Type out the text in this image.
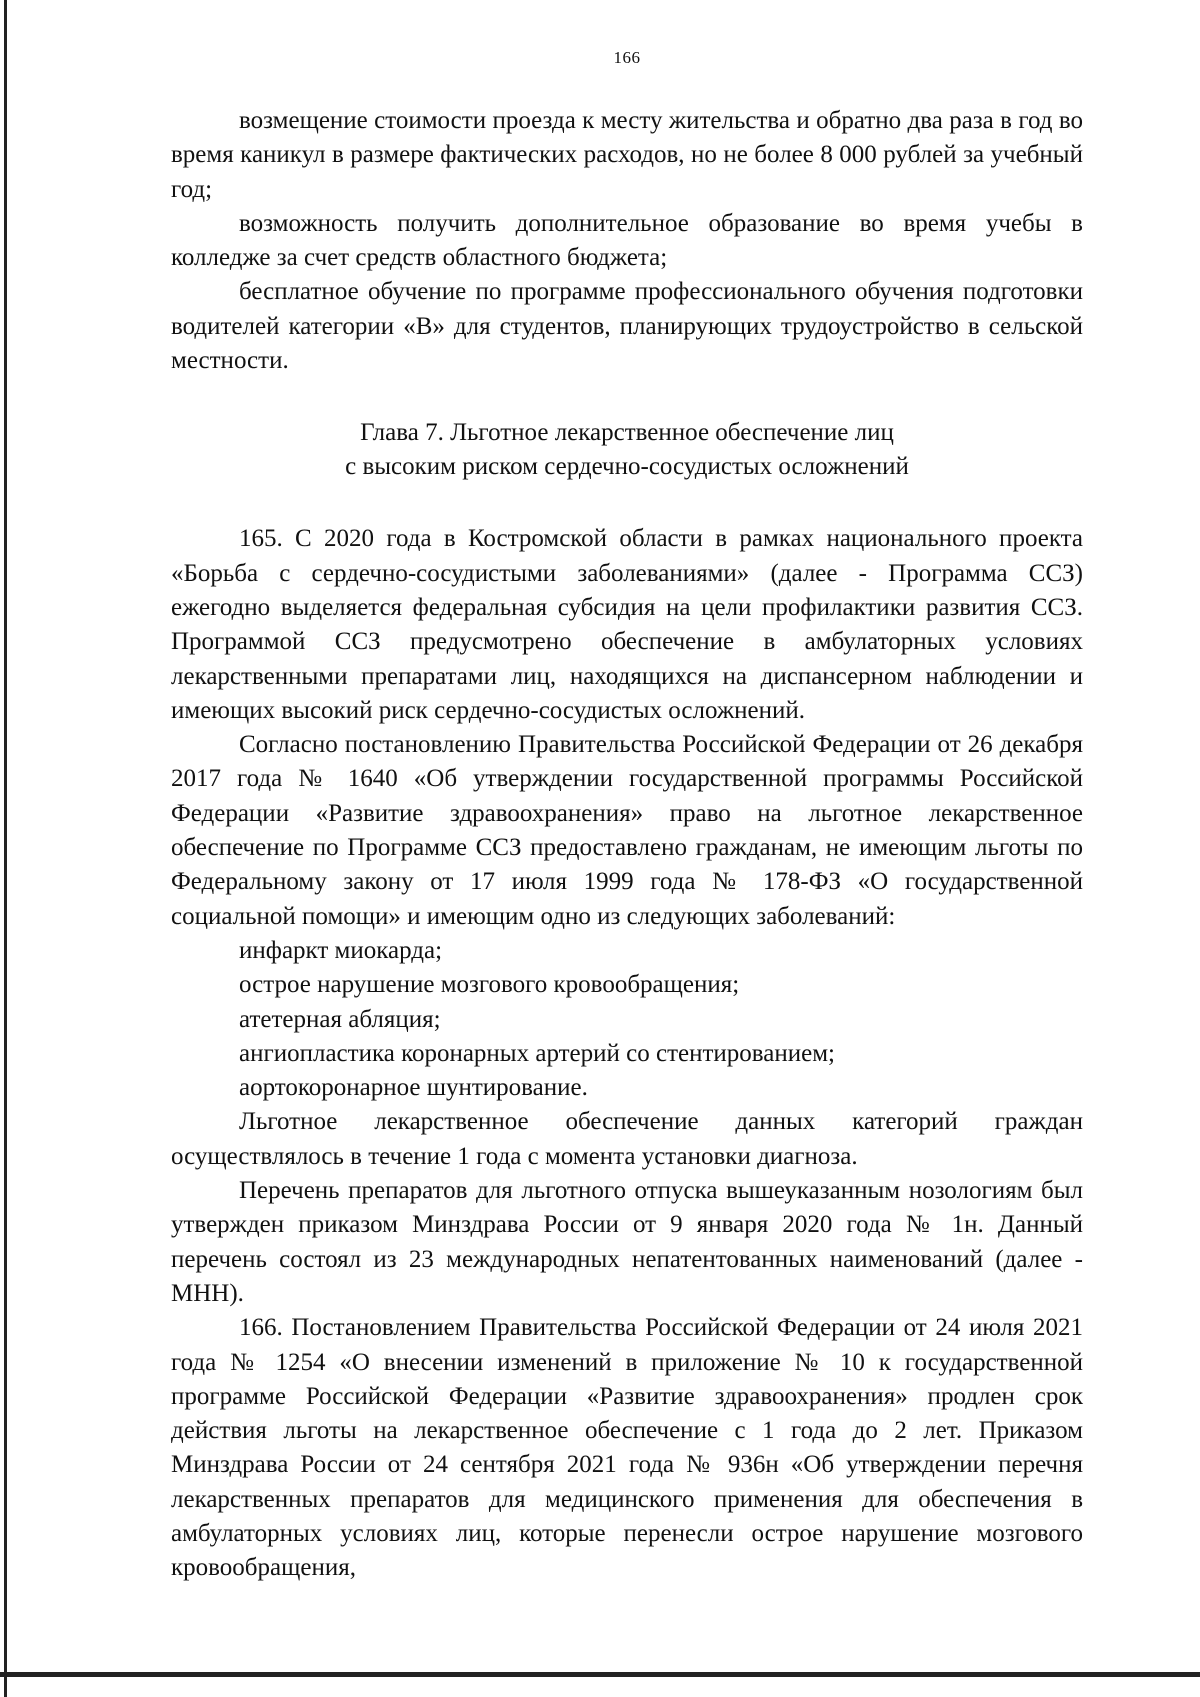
166

возмещение стоимости проезда к месту жительства и обратно два раза в год во время каникул в размере фактических расходов, но не более 8 000 рублей за учебный год;

возможность получить дополнительное образование во время учебы в колледже за счет средств областного бюджета;

бесплатное обучение по программе профессионального обучения подготовки водителей категории «В» для студентов, планирующих трудоустройство в сельской местности.

Глава 7. Льготное лекарственное обеспечение лиц
с высоким риском сердечно-сосудистых осложнений

165. С 2020 года в Костромской области в рамках национального проекта «Борьба с сердечно-сосудистыми заболеваниями» (далее - Программа ССЗ) ежегодно выделяется федеральная субсидия на цели профилактики развития ССЗ. Программой ССЗ предусмотрено обеспечение в амбулаторных условиях лекарственными препаратами лиц, находящихся на диспансерном наблюдении и имеющих высокий риск сердечно-сосудистых осложнений.

Согласно постановлению Правительства Российской Федерации от 26 декабря 2017 года № 1640 «Об утверждении государственной программы Российской Федерации «Развитие здравоохранения» право на льготное лекарственное обеспечение по Программе ССЗ предоставлено гражданам, не имеющим льготы по Федеральному закону от 17 июля 1999 года № 178-ФЗ «О государственной социальной помощи» и имеющим одно из следующих заболеваний:

инфаркт миокарда;

острое нарушение мозгового кровообращения;

атетерная абляция;

ангиопластика коронарных артерий со стентированием;

аортокоронарное шунтирование.

Льготное лекарственное обеспечение данных категорий граждан осуществлялось в течение 1 года с момента установки диагноза.

Перечень препаратов для льготного отпуска вышеуказанным нозологиям был утвержден приказом Минздрава России от 9 января 2020 года № 1н. Данный перечень состоял из 23 международных непатентованных наименований (далее - МНН).

166. Постановлением Правительства Российской Федерации от 24 июля 2021 года № 1254 «О внесении изменений в приложение № 10 к государственной программе Российской Федерации «Развитие здравоохранения» продлен срок действия льготы на лекарственное обеспечение с 1 года до 2 лет. Приказом Минздрава России от 24 сентября 2021 года № 936н «Об утверждении перечня лекарственных препаратов для медицинского применения для обеспечения в амбулаторных условиях лиц, которые перенесли острое нарушение мозгового кровообращения,
